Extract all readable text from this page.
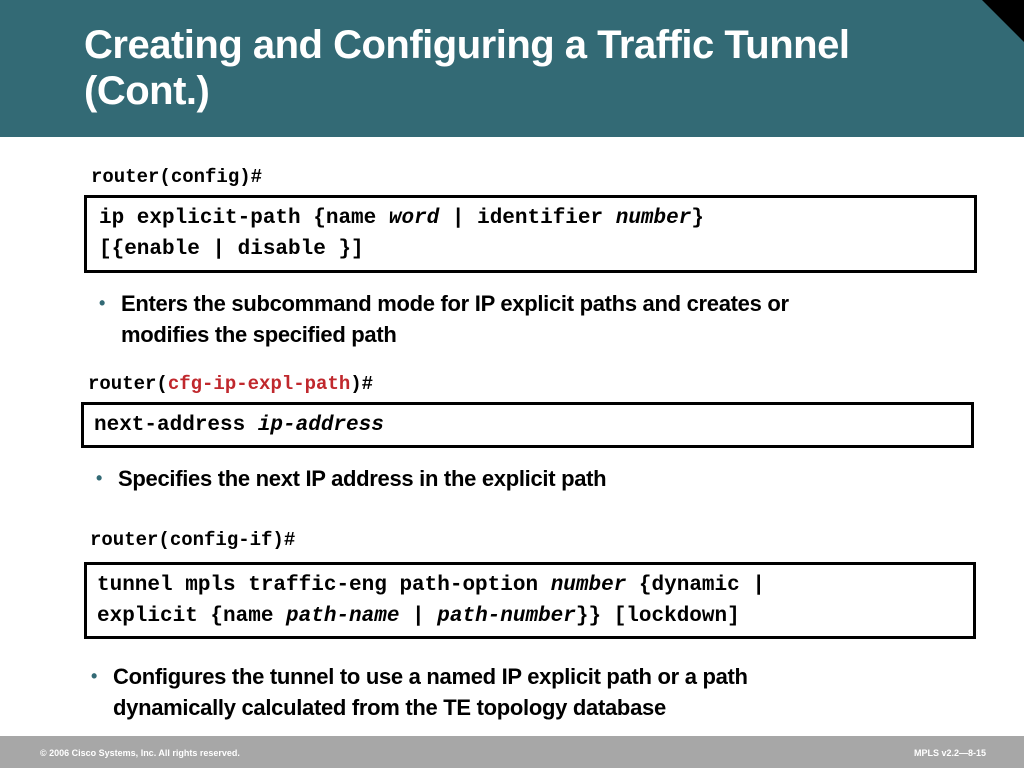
Creating and Configuring a Traffic Tunnel
(Cont.)
router(config)#
ip explicit-path {name word | identifier number}
[{enable | disable }]
• Enters the subcommand mode for IP explicit paths and creates or
modifies the specified path
router(cfg-ip-expl-path)#
next-address ip-address
• Specifies the next IP address in the explicit path
router(config-if)#
tunnel mpls traffic-eng path-option number {dynamic |
explicit {name path-name | path-number}} [lockdown]
• Configures the tunnel to use a named IP explicit path or a path
dynamically calculated from the TE topology database
© 2006 Cisco Systems, Inc. All rights reserved.	MPLS v2.2—8-15
